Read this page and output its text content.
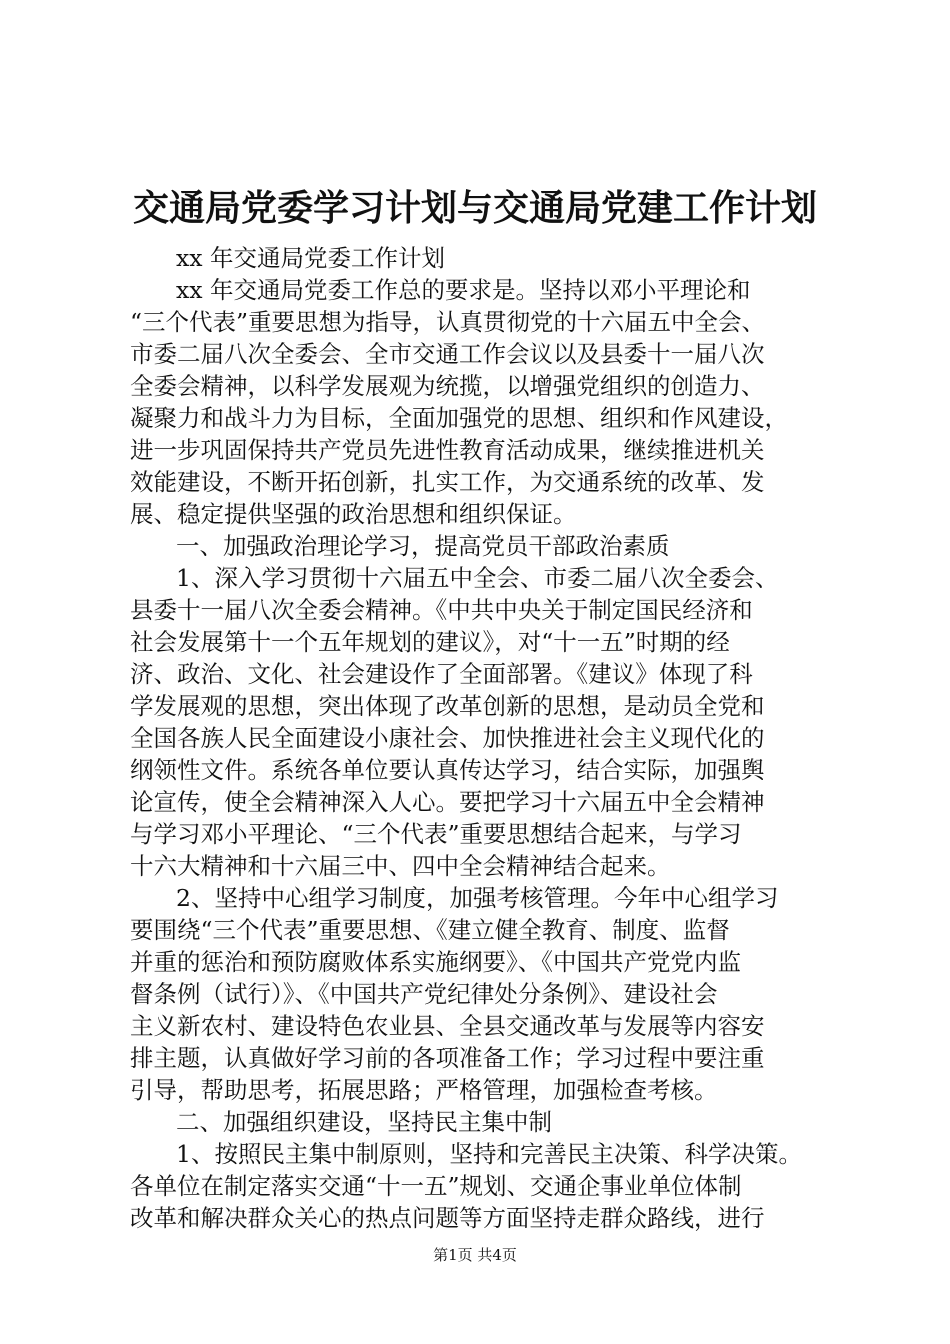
交通局党委学习计划与交通局党建工作计划
xx 年交通局党委工作计划
xx 年交通局党委工作总的要求是。坚持以邓小平理论和
“三个代表”重要思想为指导，认真贯彻党的十六届五中全会、
市委二届八次全委会、全市交通工作会议以及县委十一届八次
全委会精神，以科学发展观为统揽，以增强党组织的创造力、
凝聚力和战斗力为目标，全面加强党的思想、组织和作风建设，
进一步巩固保持共产党员先进性教育活动成果，继续推进机关
效能建设，不断开拓创新，扎实工作，为交通系统的改革、发
展、稳定提供坚强的政治思想和组织保证。
一、加强政治理论学习，提高党员干部政治素质
1、深入学习贯彻十六届五中全会、市委二届八次全委会、
县委十一届八次全委会精神。《中共中央关于制定国民经济和
社会发展第十一个五年规划的建议》，对“十一五”时期的经
济、政治、文化、社会建设作了全面部署。《建议》体现了科
学发展观的思想，突出体现了改革创新的思想，是动员全党和
全国各族人民全面建设小康社会、加快推进社会主义现代化的
纲领性文件。系统各单位要认真传达学习，结合实际，加强舆
论宣传，使全会精神深入人心。要把学习十六届五中全会精神
与学习邓小平理论、“三个代表”重要思想结合起来，与学习
十六大精神和十六届三中、四中全会精神结合起来。
2、坚持中心组学习制度，加强考核管理。今年中心组学习
要围绕“三个代表”重要思想、《建立健全教育、制度、监督
并重的惩治和预防腐败体系实施纲要》、《中国共产党党内监
督条例（试行）》、《中国共产党纪律处分条例》、建设社会
主义新农村、建设特色农业县、全县交通改革与发展等内容安
排主题，认真做好学习前的各项准备工作；学习过程中要注重
引导，帮助思考，拓展思路；严格管理，加强检查考核。
二、加强组织建设，坚持民主集中制
1、按照民主集中制原则，坚持和完善民主决策、科学决策。
各单位在制定落实交通“十一五”规划、交通企事业单位体制
改革和解决群众关心的热点问题等方面坚持走群众路线，进行
第1页 共4页
